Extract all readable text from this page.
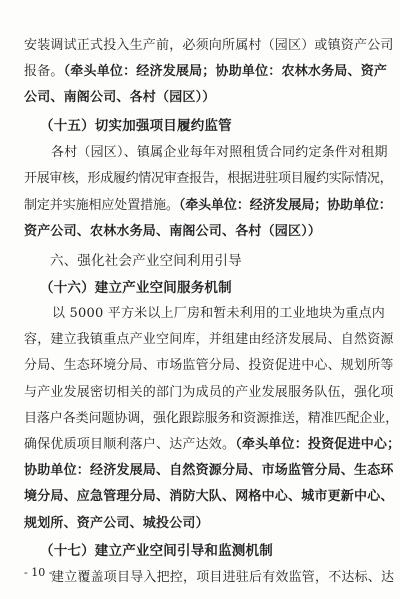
安装调试正式投入生产前，必须向所属村（园区）或镇资产公司
报备。（牵头单位：经济发展局；协助单位：农林水务局、资产
公司、南阁公司、各村（园区））
（十五）切实加强项目履约监管
各村（园区）、镇属企业每年对照租赁合同约定条件对租期
开展审核，形成履约情况审查报告，根据进驻项目履约实际情况，
制定并实施相应处置措施。（牵头单位：经济发展局；协助单位：
资产公司、农林水务局、南阁公司、各村（园区））
六、强化社会产业空间利用引导
（十六）建立产业空间服务机制
以 5000 平方米以上厂房和暂未利用的工业地块为重点内
容，建立我镇重点产业空间库，并组建由经济发展局、自然资源
分局、生态环境分局、市场监管分局、投资促进中心、规划所等
与产业发展密切相关的部门为成员的产业发展服务队伍，强化项
目落户各类问题协调，强化跟踪服务和资源推送，精准匹配企业，
确保优质项目顺利落户、达产达效。（牵头单位：投资促进中心；
协助单位：经济发展局、自然资源分局、市场监管分局、生态环
境分局、应急管理分局、消防大队、网格中心、城市更新中心、
规划所、资产公司、城投公司）
（十七）建立产业空间引导和监测机制
建立覆盖项目导入把控，项目进驻后有效监管，不达标、达
- 10 -
